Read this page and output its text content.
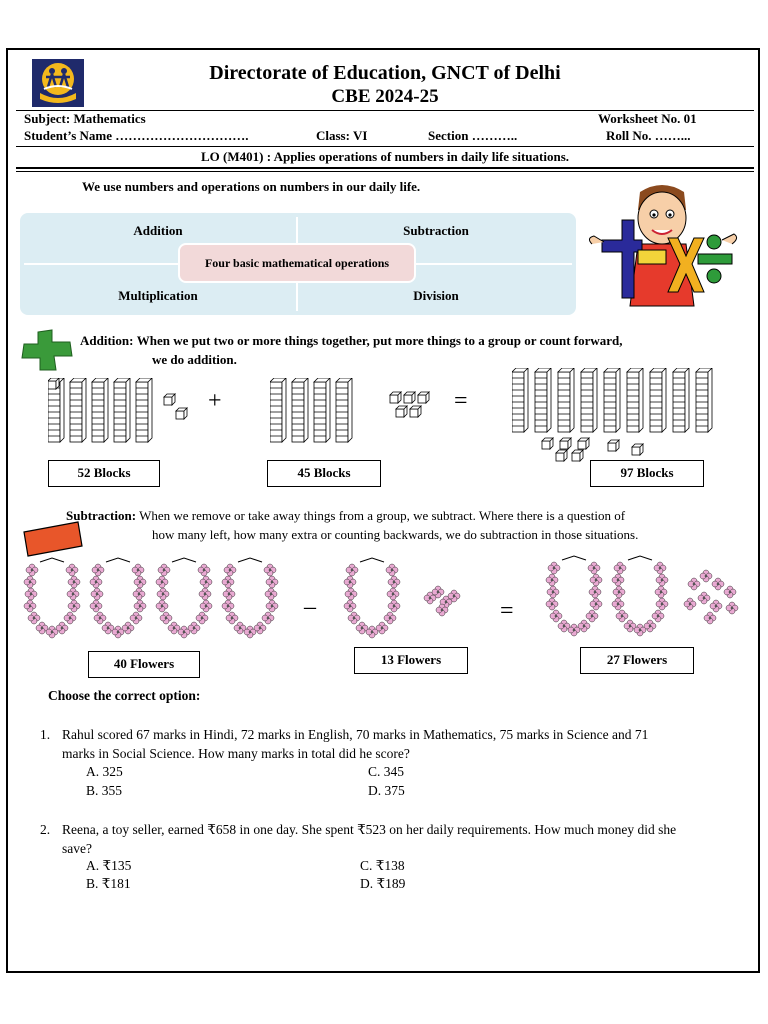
Directorate of Education, GNCT of Delhi
CBE 2024-25
Subject: Mathematics	Worksheet No. 01
Student’s Name ………………………….	Class: VI	Section ………..	Roll No. ……...
LO (M401) : Applies operations of numbers in daily life situations.
We use numbers and operations on numbers in our daily life.
Addition	Subtraction
Multiplication	Division
Four basic mathematical operations
Addition: When we put two or more things together, put more things to a group or count forward,
we do addition.
+	=
52 Blocks	45 Blocks	97 Blocks
Subtraction: When we remove or take away things from a group, we subtract. Where there is a question of
how many left, how many extra or counting backwards, we do subtraction in those situations.
–	=
40 Flowers	13 Flowers	27 Flowers
Choose the correct option:
1. Rahul scored 67 marks in Hindi, 72 marks in English, 70 marks in Mathematics, 75 marks in Science and 71
marks in Social Science. How many marks in total did he score?
A. 325	C. 345
B. 355	D. 375
2. Reena, a toy seller, earned ₹658 in one day. She spent ₹523 on her daily requirements. How much money did she
save?
A. ₹135	C. ₹138
B. ₹181	D. ₹189
